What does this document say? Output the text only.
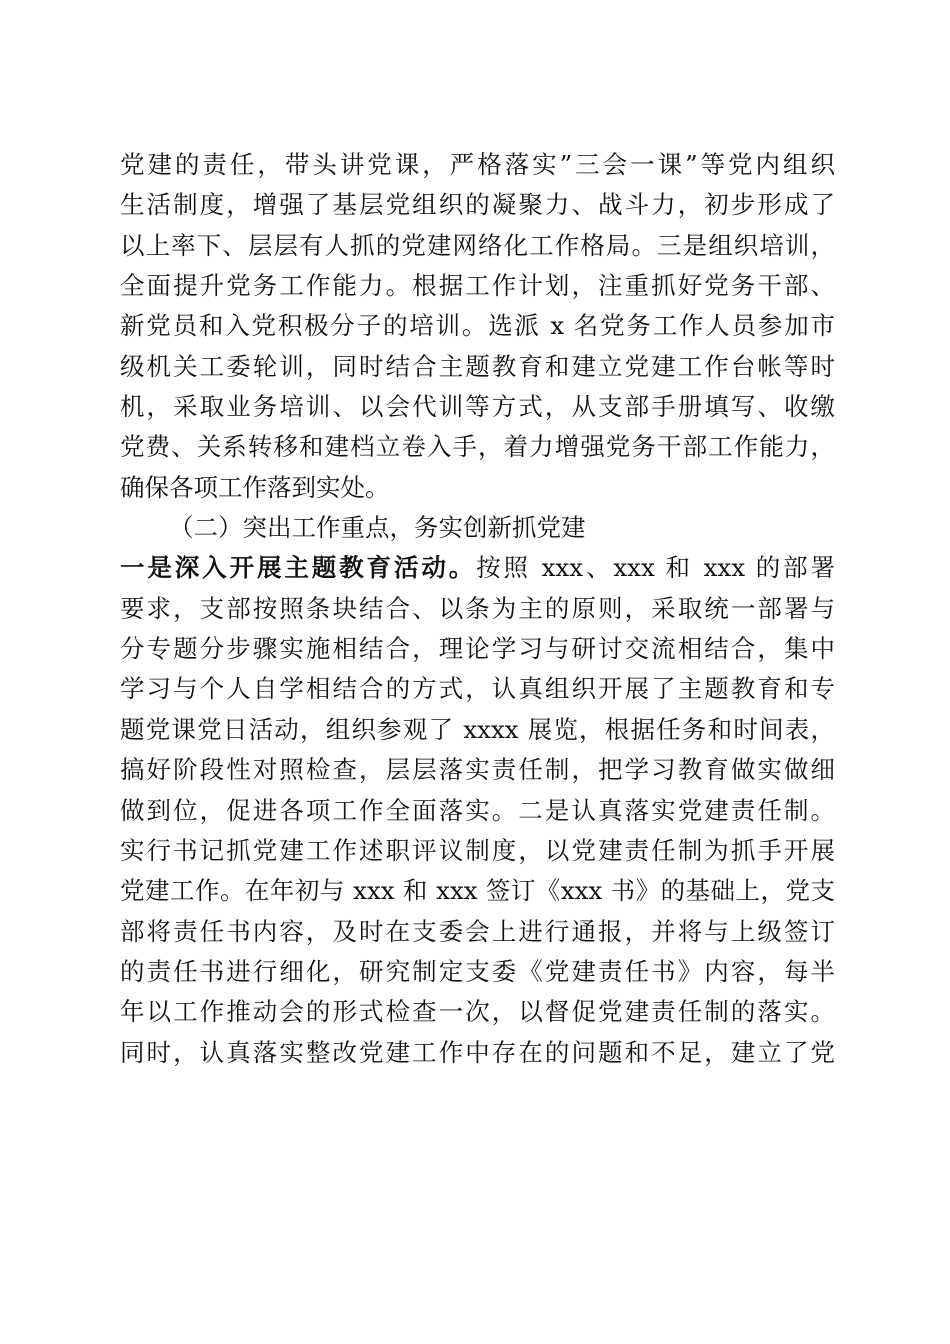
党建的责任，带头讲党课，严格落实”三会一课”等党内组织
生活制度，增强了基层党组织的凝聚力、战斗力，初步形成了
以上率下、层层有人抓的党建网络化工作格局。三是组织培训，
全面提升党务工作能力。根据工作计划，注重抓好党务干部、
新党员和入党积极分子的培训。选派 x 名党务工作人员参加市
级机关工委轮训，同时结合主题教育和建立党建工作台帐等时
机，采取业务培训、以会代训等方式，从支部手册填写、收缴
党费、关系转移和建档立卷入手，着力增强党务干部工作能力，
确保各项工作落到实处。
（二）突出工作重点，务实创新抓党建
一是深入开展主题教育活动。按照 xxx、xxx 和 xxx 的部署
要求，支部按照条块结合、以条为主的原则，采取统一部署与
分专题分步骤实施相结合，理论学习与研讨交流相结合，集中
学习与个人自学相结合的方式，认真组织开展了主题教育和专
题党课党日活动，组织参观了 xxxx 展览，根据任务和时间表，
搞好阶段性对照检查，层层落实责任制，把学习教育做实做细
做到位，促进各项工作全面落实。二是认真落实党建责任制。
实行书记抓党建工作述职评议制度，以党建责任制为抓手开展
党建工作。在年初与 xxx 和 xxx 签订《xxx 书》的基础上，党支
部将责任书内容，及时在支委会上进行通报，并将与上级签订
的责任书进行细化，研究制定支委《党建责任书》内容，每半
年以工作推动会的形式检查一次，以督促党建责任制的落实。
同时，认真落实整改党建工作中存在的问题和不足，建立了党
